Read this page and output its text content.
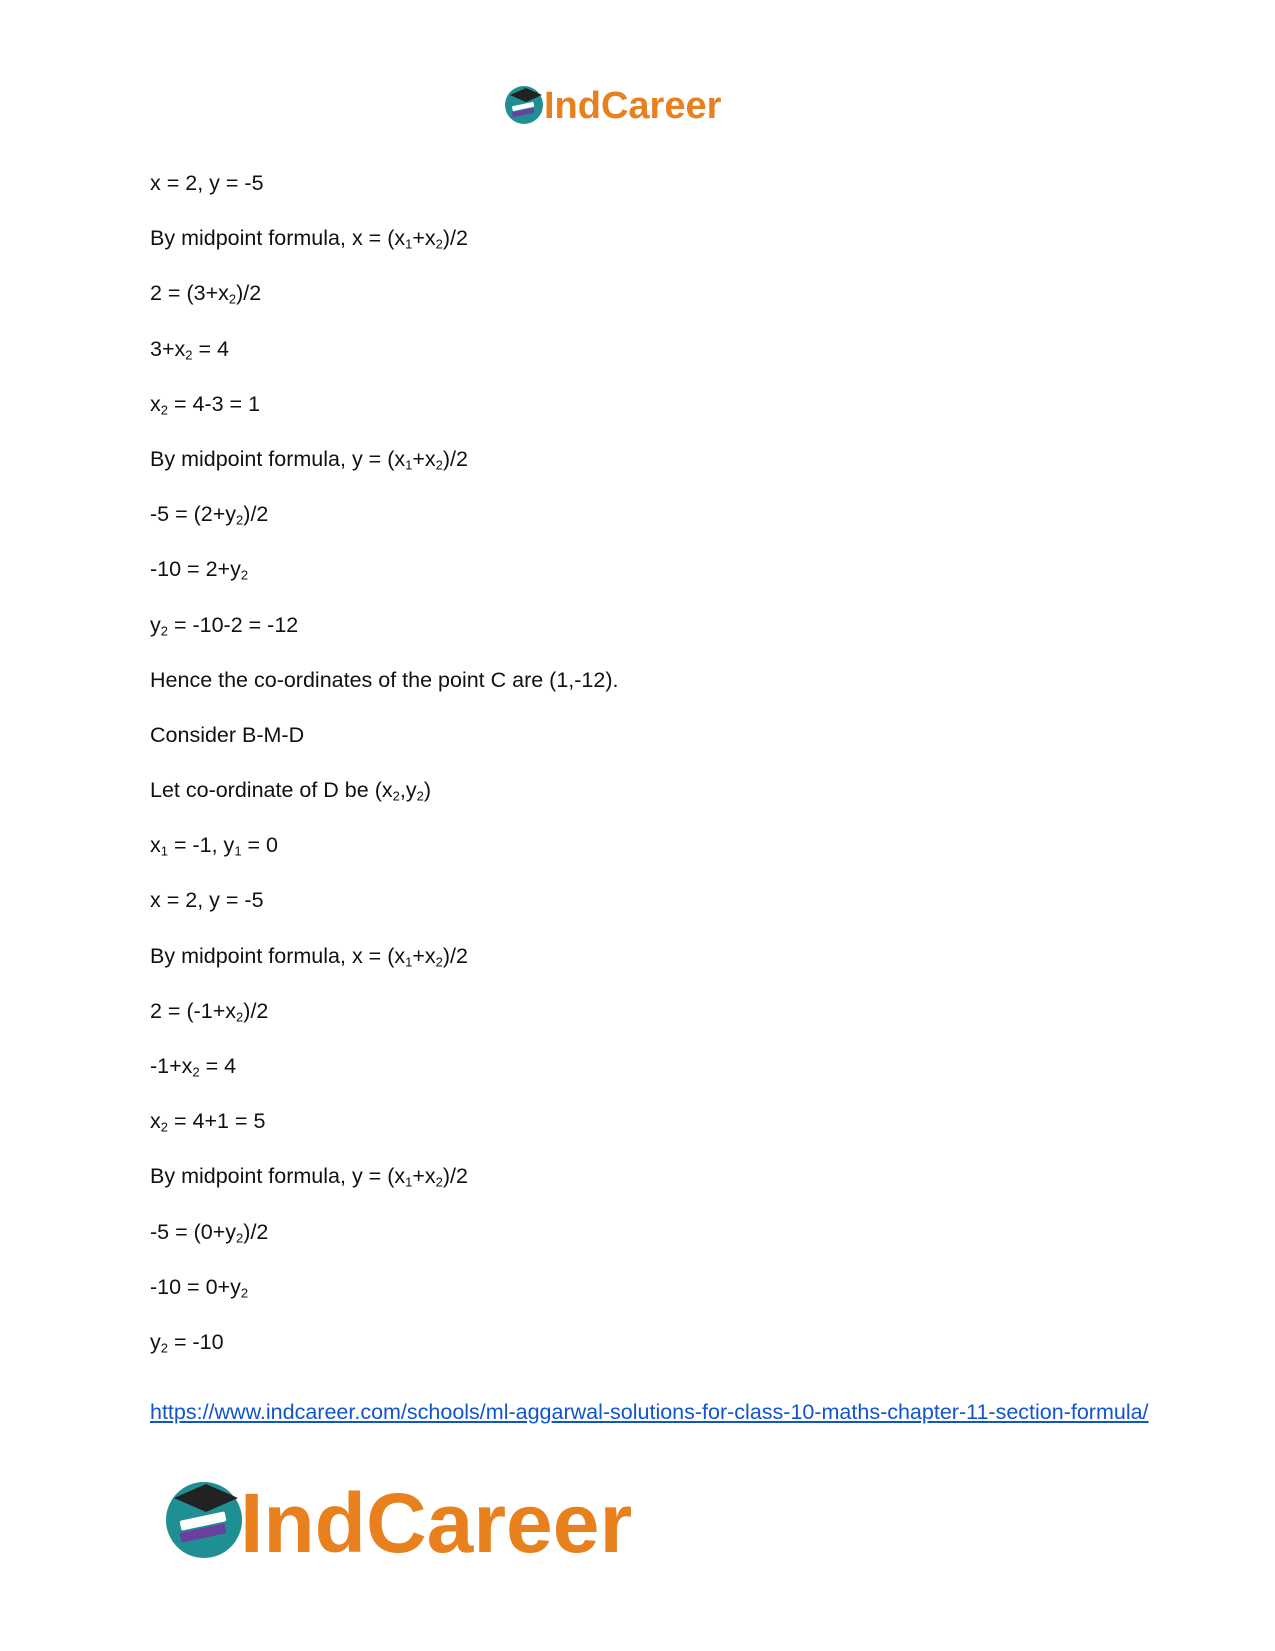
IndCareer
x = 2, y = -5
By midpoint formula, $x = (x_1+x_2)/2$
$2 = (3+x_2)/2$
$3+x_2 = 4$
$x_2 = 4-3 = 1$
By midpoint formula, $y = (x_1+x_2)/2$
$-5 = (2+y_2)/2$
$-10 = 2+y_2$
$y_2 = -10-2 = -12$
Hence the co-ordinates of the point C are (1,-12).
Consider B-M-D
Let co-ordinate of D be $(x_2,y_2)$
$x_1 = -1$, $y_1 = 0$
x = 2, y = -5
By midpoint formula, $x = (x_1+x_2)/2$
$2 = (-1+x_2)/2$
$-1+x_2 = 4$
$x_2 = 4+1 = 5$
By midpoint formula, $y = (x_1+x_2)/2$
$-5 = (0+y_2)/2$
$-10 = 0+y_2$
$y_2 = -10$
https://www.indcareer.com/schools/ml-aggarwal-solutions-for-class-10-maths-chapter-11-section-formula/
IndCareer
